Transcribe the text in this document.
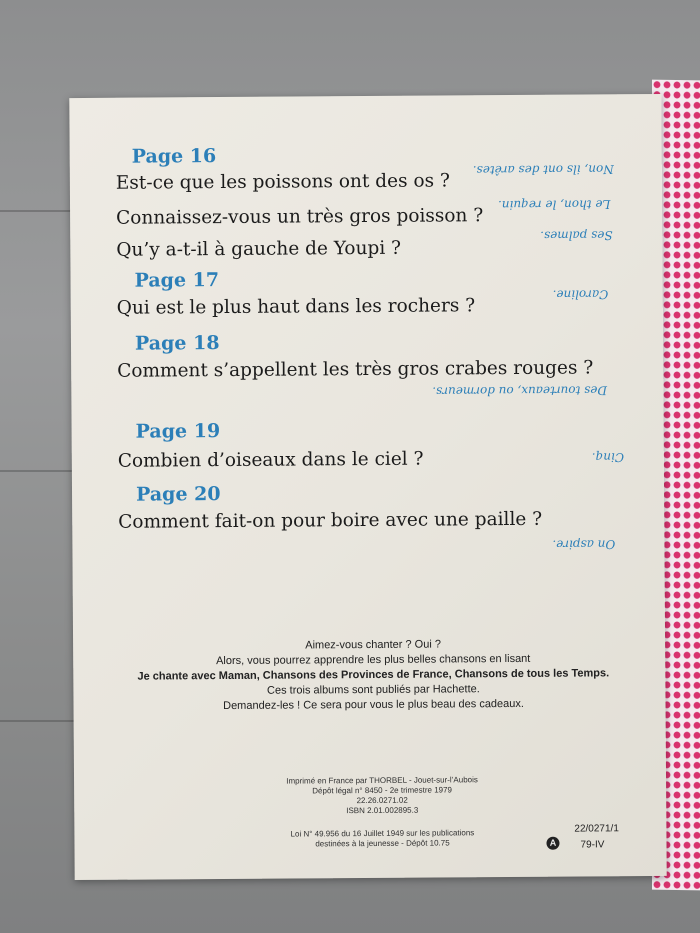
Page 16
Est-ce que les poissons ont des os ?
Non, ils ont des arêtes.
Connaissez-vous un très gros poisson ?
Le thon, le requin.
Qu’y a-t-il à gauche de Youpi ?
Ses palmes.
Page 17
Qui est le plus haut dans les rochers ?
Caroline.
Page 18
Comment s’appellent les très gros crabes rouges ?
Des tourteaux, ou dormeurs.
Page 19
Combien d’oiseaux dans le ciel ?	Cinq.
Page 20
Comment fait-on pour boire avec une paille ?
On aspire.
Aimez-vous chanter ? Oui ?
Alors, vous pourrez apprendre les plus belles chansons en lisant
Je chante avec Maman, Chansons des Provinces de France, Chansons de tous les Temps.
Ces trois albums sont publiés par Hachette.
Demandez-les ! Ce sera pour vous le plus beau des cadeaux.
Imprimé en France par THORBEL - Jouet-sur-l’Aubois
Dépôt légal n° 8450 - 2e trimestre 1979
22.26.0271.02
ISBN 2.01.002895.3
Loi N° 49.956 du 16 Juillet 1949 sur les publications
destinées à la jeunesse - Dépôt 10.75	A
22/0271/1
79-IV
